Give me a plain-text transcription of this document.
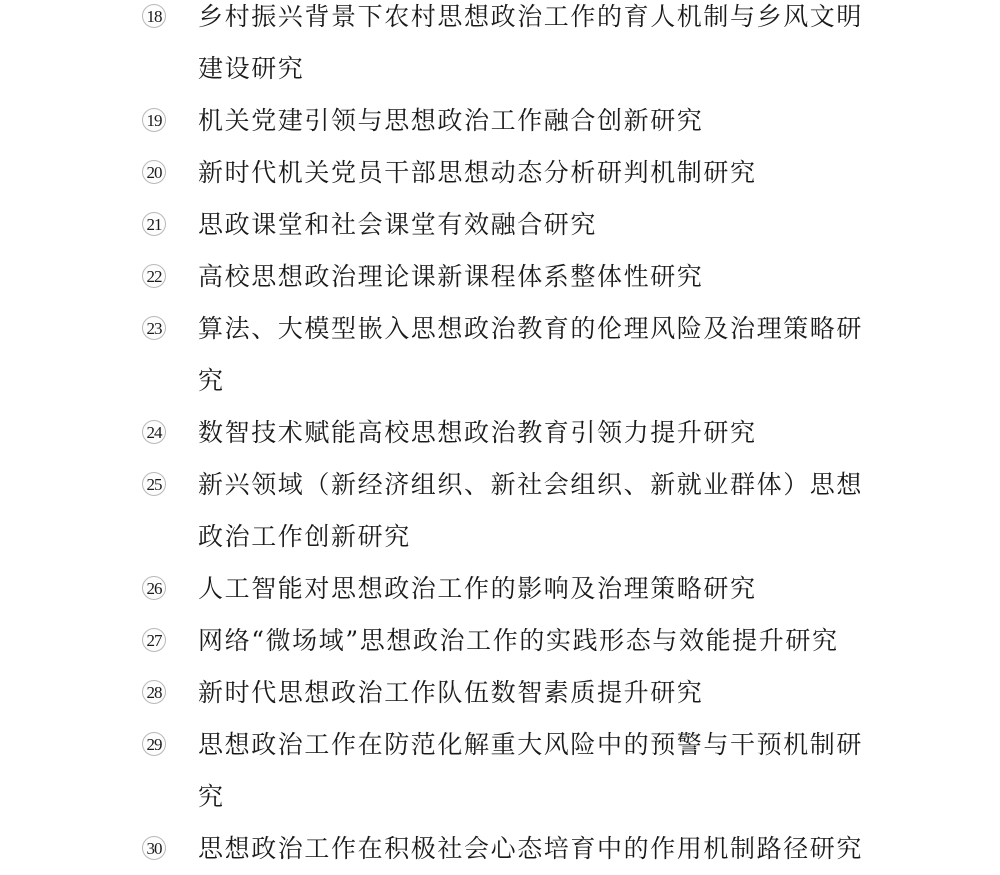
18 乡村振兴背景下农村思想政治工作的育人机制与乡风文明建设研究
19 机关党建引领与思想政治工作融合创新研究
20 新时代机关党员干部思想动态分析研判机制研究
21 思政课堂和社会课堂有效融合研究
22 高校思想政治理论课新课程体系整体性研究
23 算法、大模型嵌入思想政治教育的伦理风险及治理策略研究
24 数智技术赋能高校思想政治教育引领力提升研究
25 新兴领域（新经济组织、新社会组织、新就业群体）思想政治工作创新研究
26 人工智能对思想政治工作的影响及治理策略研究
27 网络“微场域”思想政治工作的实践形态与效能提升研究
28 新时代思想政治工作队伍数智素质提升研究
29 思想政治工作在防范化解重大风险中的预警与干预机制研究
30 思想政治工作在积极社会心态培育中的作用机制路径研究
